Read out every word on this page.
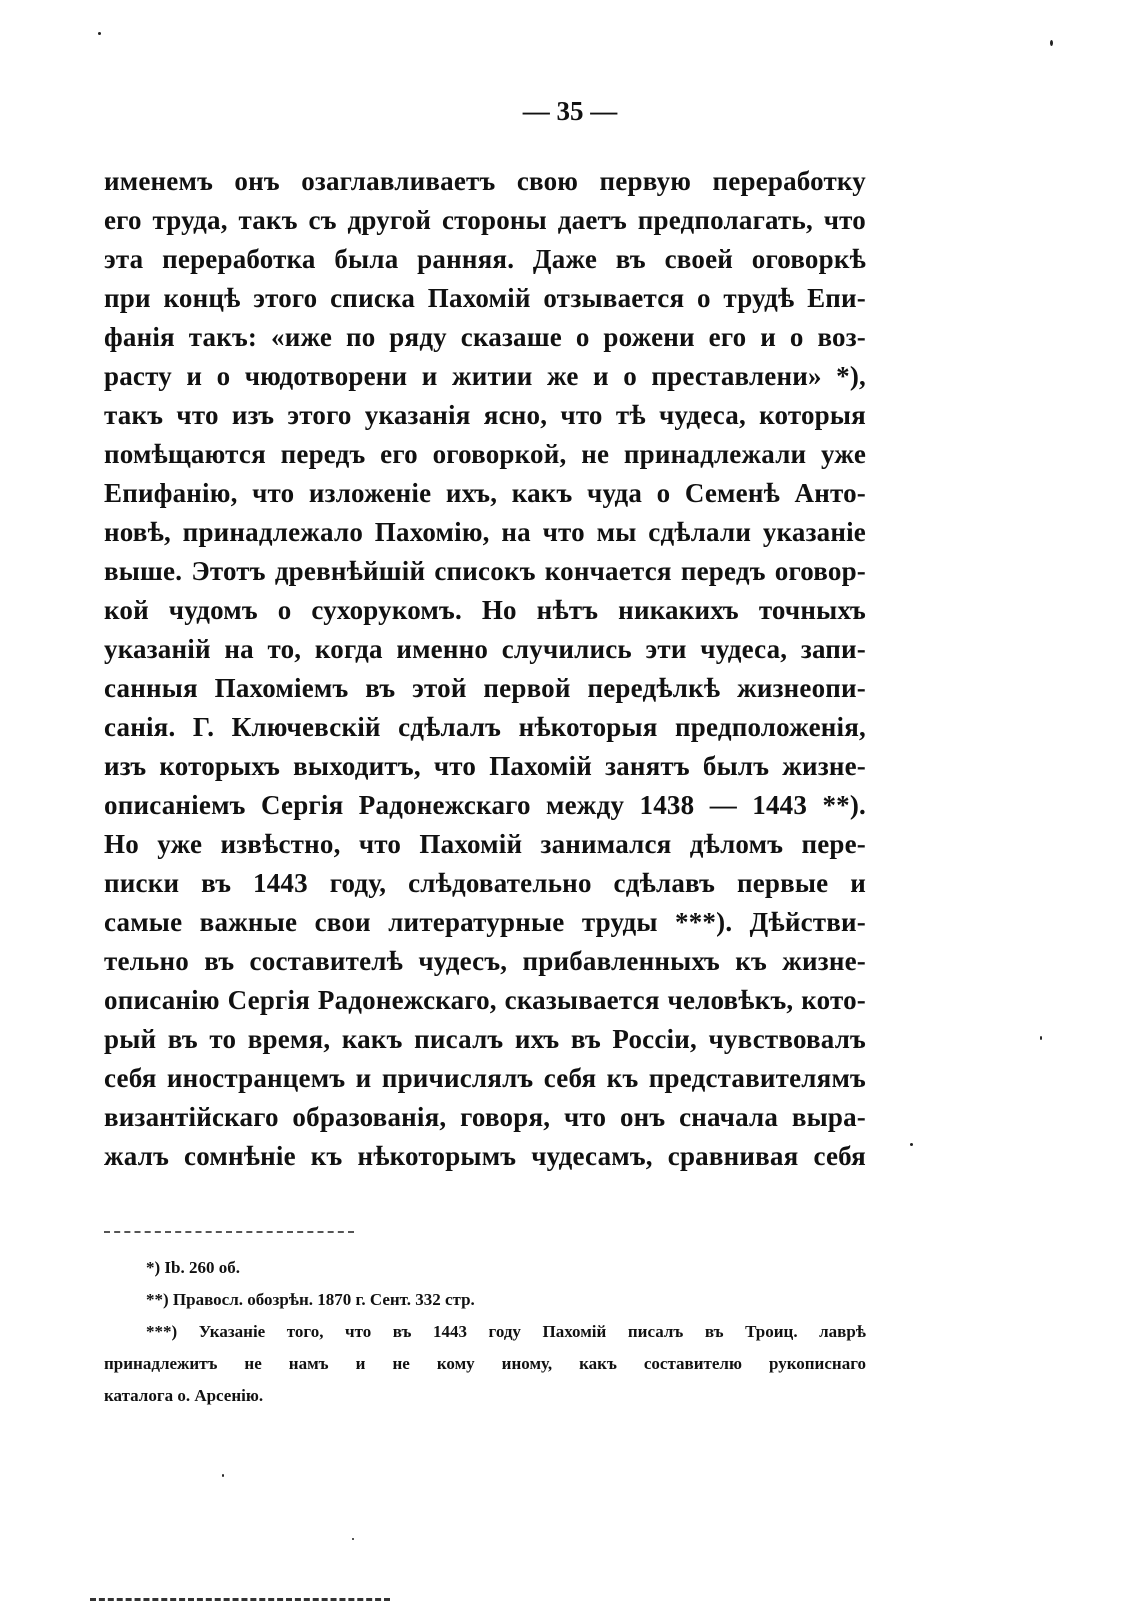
— 35 —
именемъ онъ озаглавливаетъ свою первую переработку
его труда, такъ съ другой стороны даетъ предполагать, что
эта переработка была ранняя. Даже въ своей оговоркѣ
при концѣ этого списка Пахомій отзывается о трудѣ Епи-
фанія такъ: «иже по ряду сказаше о рожени его и о воз-
расту и о чюдотворени и житии же и о преставлени» *),
такъ что изъ этого указанія ясно, что тѣ чудеса, которыя
помѣщаются передъ его оговоркой, не принадлежали уже
Епифанію, что изложеніе ихъ, какъ чуда о Семенѣ Анто-
новѣ, принадлежало Пахомію, на что мы сдѣлали указаніе
выше. Этотъ древнѣйшій списокъ кончается передъ оговор-
кой чудомъ о сухорукомъ. Но нѣтъ никакихъ точныхъ
указаній на то, когда именно случились эти чудеса, запи-
санныя Пахоміемъ въ этой первой передѣлкѣ жизнеопи-
санія. Г. Ключевскій сдѣлалъ нѣкоторыя предположенія,
изъ которыхъ выходитъ, что Пахомій занятъ былъ жизне-
описаніемъ Сергія Радонежскаго между 1438 — 1443 **).
Но уже извѣстно, что Пахомій занимался дѣломъ пере-
писки въ 1443 году, слѣдовательно сдѣлавъ первые и
самые важные свои литературные труды ***). Дѣйстви-
тельно въ составителѣ чудесъ, прибавленныхъ къ жизне-
описанію Сергія Радонежскаго, сказывается человѣкъ, кото-
рый въ то время, какъ писалъ ихъ въ Россіи, чувствовалъ
себя иностранцемъ и причислялъ себя къ представителямъ
византійскаго образованія, говоря, что онъ сначала выра-
жалъ сомнѣніе къ нѣкоторымъ чудесамъ, сравнивая себя
*) Ib. 260 об.
**) Правосл. обозрѣн. 1870 г. Сент. 332 стр.
***) Указаніе того, что въ 1443 году Пахомій писалъ въ Троиц. лаврѣ
принадлежитъ не намъ и не кому иному, какъ составителю рукописнаго
каталога о. Арсенію.
